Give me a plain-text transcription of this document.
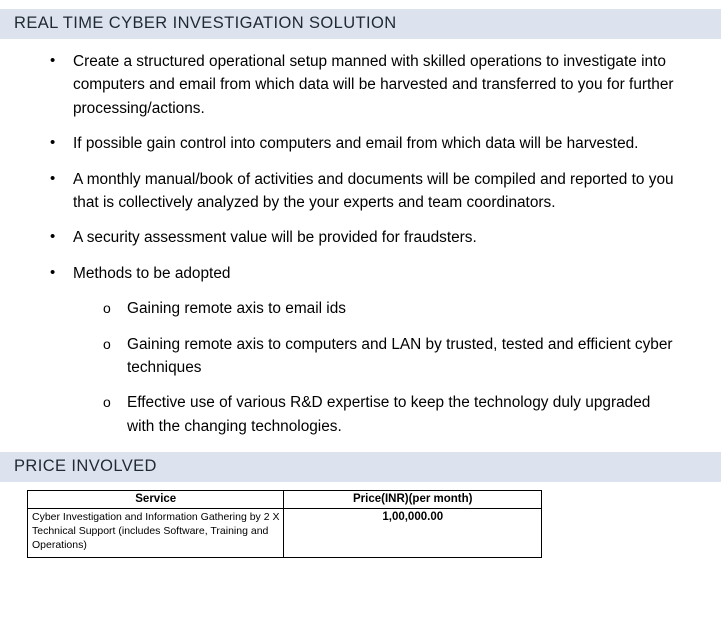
REAL TIME CYBER INVESTIGATION SOLUTION
• Create a structured operational setup manned with skilled operations to investigate into computers and email from which data will be harvested and transferred to you for further processing/actions.
• If possible gain control into computers and email from which data will be harvested.
• A monthly manual/book of activities and documents will be compiled and reported to you that is collectively analyzed by the your experts and team coordinators.
• A security assessment value will be provided for fraudsters.
• Methods to be adopted
o Gaining remote axis to email ids
o Gaining remote axis to computers and LAN by trusted, tested and efficient cyber techniques
o Effective use of various R&D expertise to keep the technology duly upgraded with the changing technologies.
PRICE INVOLVED
Service	Price(INR)(per month)
Cyber Investigation and Information Gathering by 2 X Technical Support (includes Software, Training and Operations)	1,00,000.00
